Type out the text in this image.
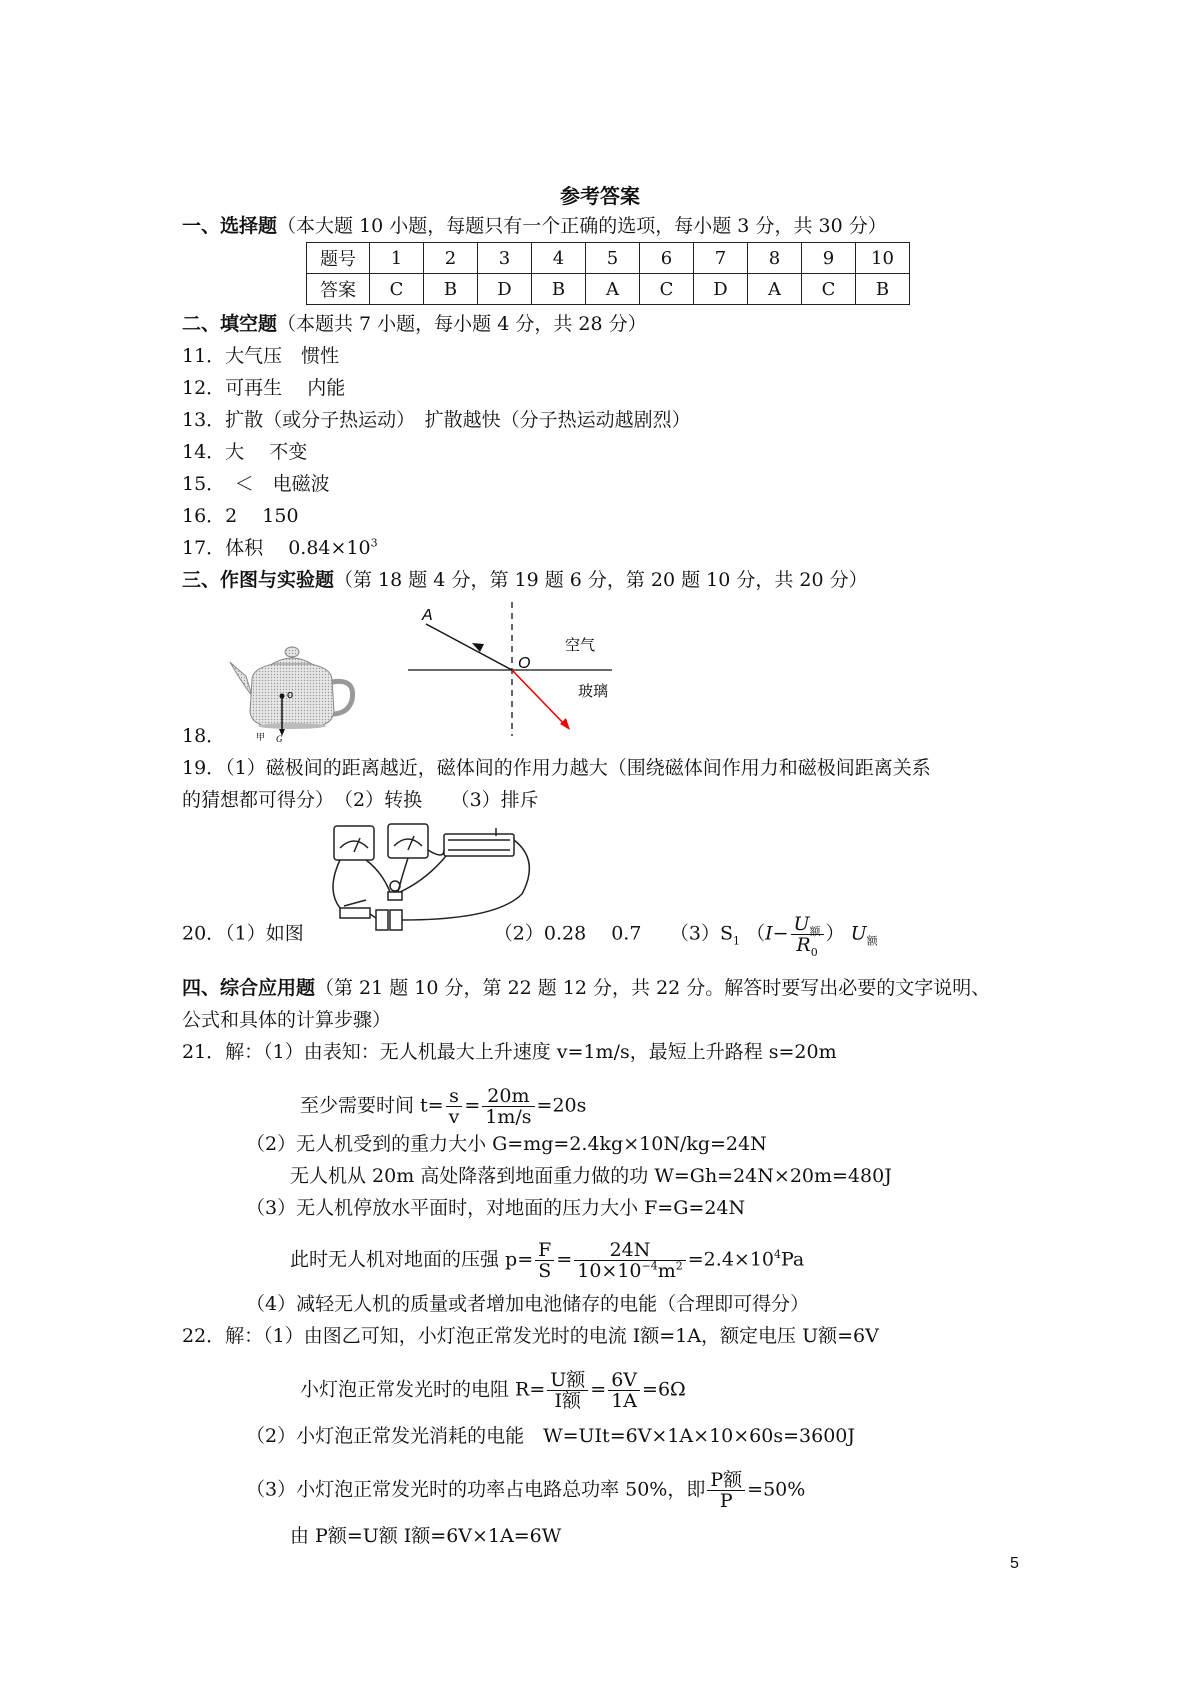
参考答案
一、选择题（本大题 10 小题，每题只有一个正确的选项，每小题 3 分，共 30 分）
题号	1	2	3	4	5	6	7	8	9	10
答案	C	B	D	B	A	C	D	A	C	B
二、填空题（本题共 7 小题，每小题 4 分，共 28 分）
11．大气压　惯性
12．可再生　 内能
13．扩散（或分子热运动）　扩散越快（分子热运动越剧烈）
14．大　 不变
15．　＜　电磁波
16．2　 150
17．体积　 $0.84\times 10^3$
三、作图与实验题（第 18 题 4 分，第 19 题 6 分，第 20 题 10 分，共 20 分）
o
甲 G
A
O
空气
玻璃
18．
19．（1）磁极间的距离越近，磁体间的作用力越大（围绕磁体间作用力和磁极间距离关系
的猜想都可得分）　（2）转换　　（3）排斥
20．（1）如图	（2）0.28　 0.7　　$(3)S_1$ （$I- \frac{U_额}{R_0}$ ） $U_额$
四、综合应用题（第 21 题 10 分，第 22 题 12 分，共 22 分。解答时要写出必要的文字说明、
公式和具体的计算步骤）
21．解：（1）由表知：无人机最大上升速度 v=1m/s，最短上升路程 s=20m
至少需要时间 $t= \frac{s}{v} = \frac{20m}{1m/s} =20s$
（2）无人机受到的重力大小 G=mg=2.4kg×10N/kg=24N
无人机从 20m 高处降落到地面重力做的功 W=Gh=24N×20m=480J
（3）无人机停放水平面时，对地面的压力大小 F=G=24N
此时无人机对地面的压强 $p= \frac{F}{S} = \frac{24N}{10\times 10^{-4}m^2} =2.4\times 10^4Pa$
（4）减轻无人机的质量或者增加电池储存的电能（合理即可得分）
22．解：（1）由图乙可知，小灯泡正常发光时的电流 I额=1A，额定电压 U额=6V
小灯泡正常发光时的电阻 $R= \frac{\text{U额}}{\text{I额}} = \frac{6V}{1A} =6\Omega$
（2）小灯泡正常发光消耗的电能　W=UIt=6V×1A×10×60s=3600J
（3）小灯泡正常发光时的功率占电路总功率 50%，即 $\frac{\text{P额}}{P} =50\%$
由 P额=U额 I额=6V×1A=6W
5
